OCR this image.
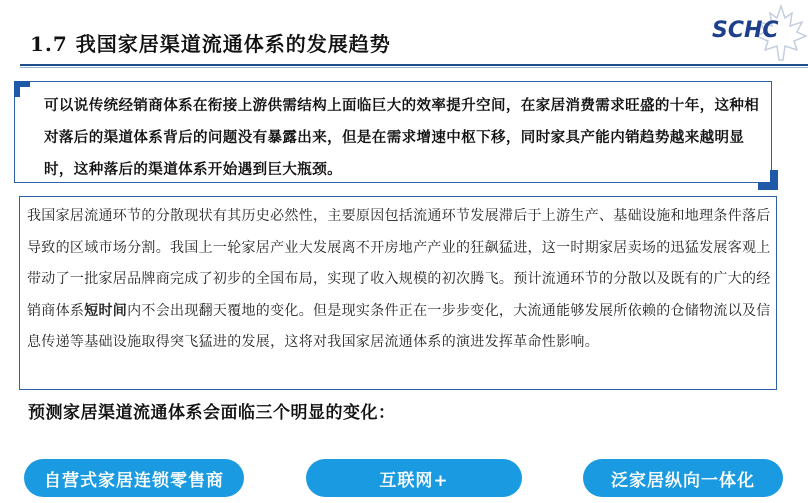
1.7 我国家居渠道流通体系的发展趋势
SCHC
可以说传统经销商体系在衔接上游供需结构上面临巨大的效率提升空间，在家居消费需求旺盛的十年，这种相对落后的渠道体系背后的问题没有暴露出来，但是在需求增速中枢下移，同时家具产能内销趋势越来越明显时，这种落后的渠道体系开始遇到巨大瓶颈。
我国家居流通环节的分散现状有其历史必然性，主要原因包括流通环节发展滞后于上游生产、基础设施和地理条件落后导致的区域市场分割。我国上一轮家居产业大发展离不开房地产产业的狂飙猛进，这一时期家居卖场的迅猛发展客观上带动了一批家居品牌商完成了初步的全国布局，实现了收入规模的初次腾飞。预计流通环节的分散以及既有的广大的经销商体系短时间内不会出现翻天覆地的变化。但是现实条件正在一步步变化，大流通能够发展所依赖的仓储物流以及信息传递等基础设施取得突飞猛进的发展，这将对我国家居流通体系的演进发挥革命性影响。
预测家居渠道流通体系会面临三个明显的变化：
自营式家居连锁零售商	互联网+	泛家居纵向一体化
